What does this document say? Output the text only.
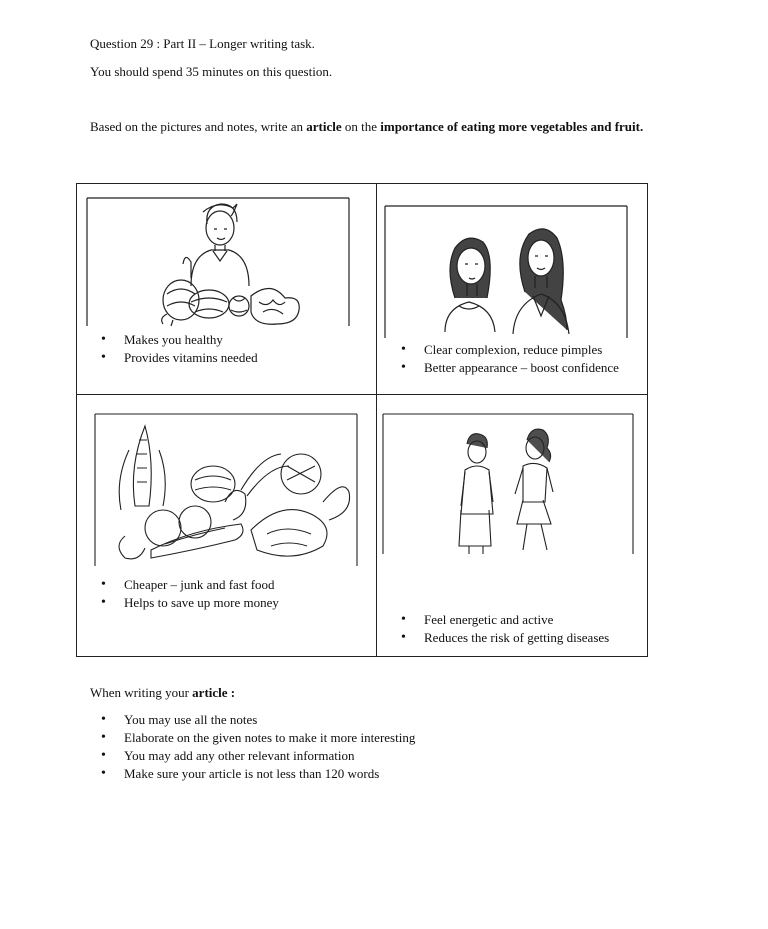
Question 29 : Part II – Longer writing task.
You should spend 35 minutes on this question.
Based on the pictures and notes, write an article on the importance of eating more vegetables and fruit.
• Makes you healthy
• Provides vitamins needed
• Clear complexion, reduce pimples
• Better appearance – boost confidence
• Cheaper – junk and fast food
• Helps to save up more money
• Feel energetic and active
• Reduces the risk of getting diseases
When writing your article :
• You may use all the notes
• Elaborate on the given notes to make it more interesting
• You may add any other relevant information
• Make sure your article is not less than 120 words
